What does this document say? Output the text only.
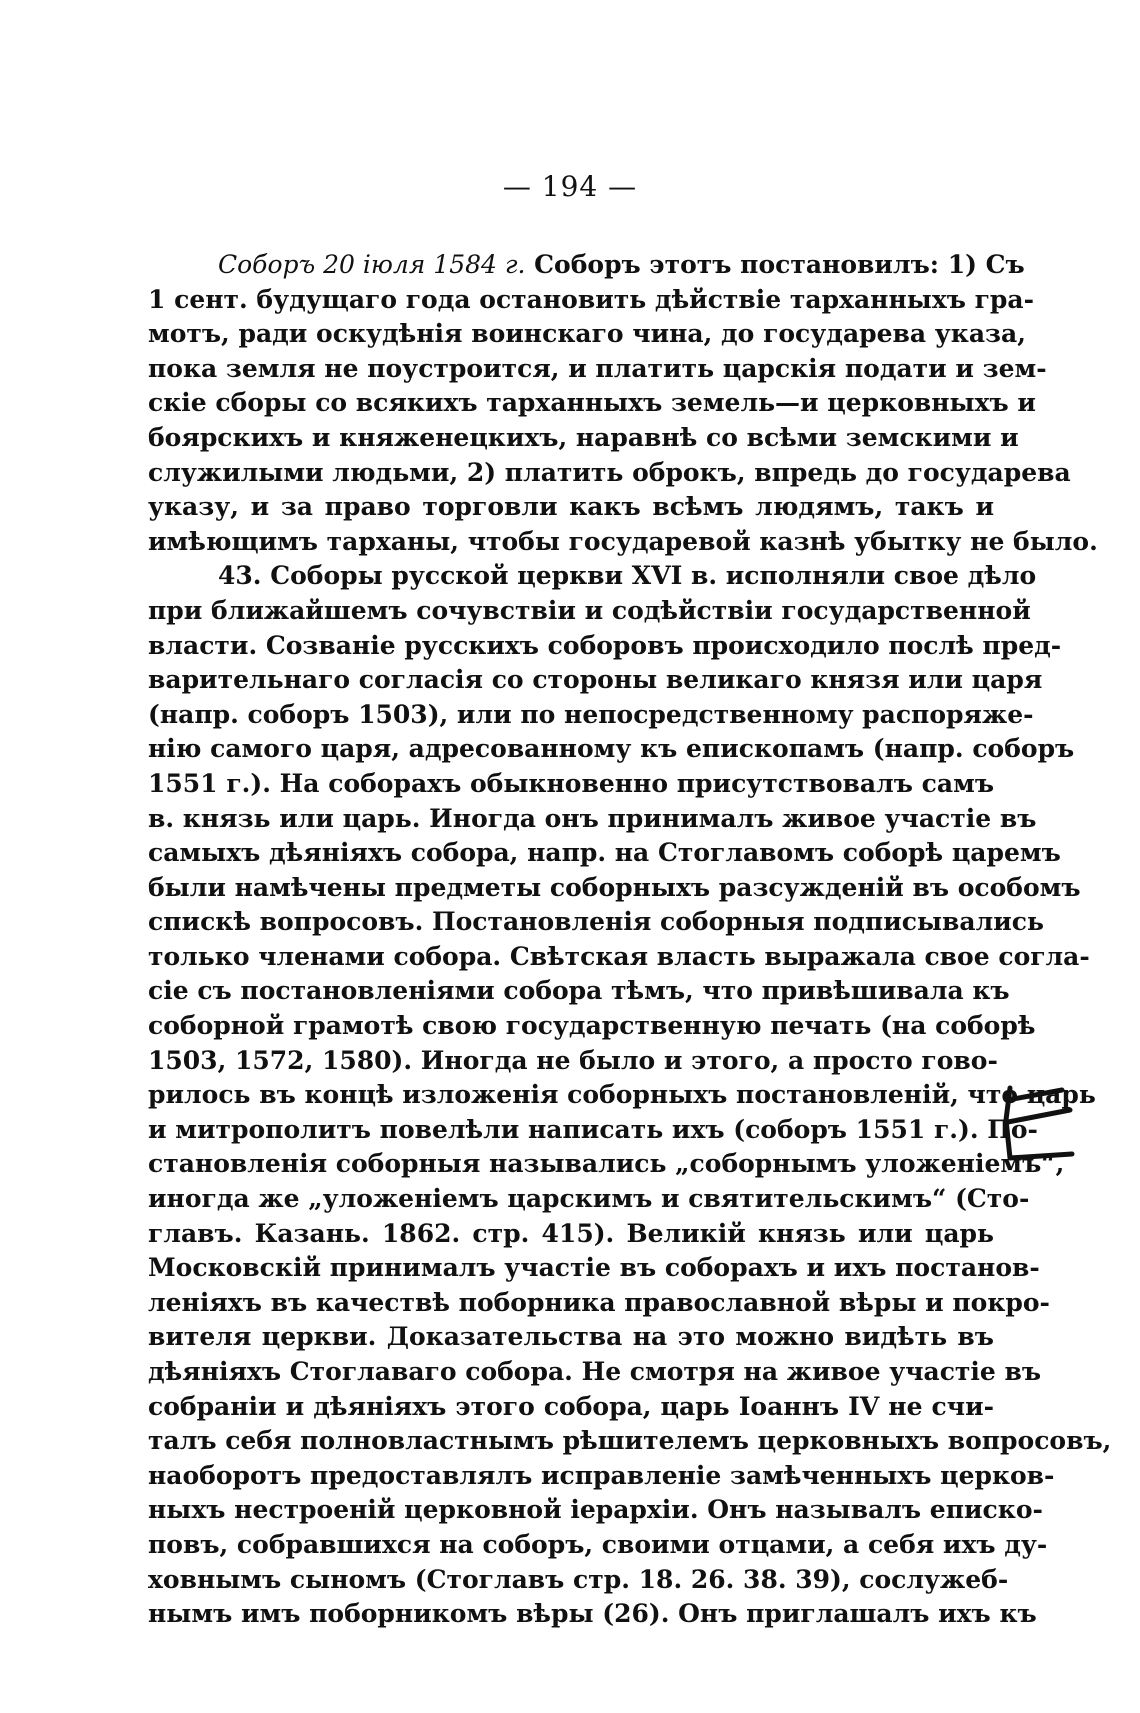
— 194 —
Соборъ 20 іюля 1584 г. Соборъ этотъ постановилъ: 1) Съ
1 сент. будущаго года остановить дѣйствіе тарханныхъ гра-
мотъ, ради оскудѣнія воинскаго чина, до государева указа,
пока земля не поустроится, и платить царскія подати и зем-
скіе сборы со всякихъ тарханныхъ земель—и церковныхъ и
боярскихъ и княженецкихъ, наравнѣ со всѣми земскими и
служилыми людьми, 2) платить оброкъ, впредь до государева
указу, и за право торговли какъ всѣмъ людямъ, такъ и
имѣющимъ тарханы, чтобы государевой казнѣ убытку не было.
43. Соборы русской церкви XVI в. исполняли свое дѣло
при ближайшемъ сочувствіи и содѣйствіи государственной
власти. Созваніе русскихъ соборовъ происходило послѣ пред-
варительнаго согласія со стороны великаго князя или царя
(напр. соборъ 1503), или по непосредственному распоряже-
нію самого царя, адресованному къ епископамъ (напр. соборъ
1551 г.). На соборахъ обыкновенно присутствовалъ самъ
в. князь или царь. Иногда онъ принималъ живое участіе въ
самыхъ дѣяніяхъ собора, напр. на Стоглавомъ соборѣ царемъ
были намѣчены предметы соборныхъ разсужденій въ особомъ
спискѣ вопросовъ. Постановленія соборныя подписывались
только членами собора. Свѣтская власть выражала свое согла-
сіе съ постановленіями собора тѣмъ, что привѣшивала къ
соборной грамотѣ свою государственную печать (на соборѣ
1503, 1572, 1580). Иногда не было и этого, а просто гово-
рилось въ концѣ изложенія соборныхъ постановленій, что царь
и митрополитъ повелѣли написать ихъ (соборъ 1551 г.). По-
становленія соборныя назывались „соборнымъ уложеніемъ“,
иногда же „уложеніемъ царскимъ и святительскимъ“ (Сто-
главъ. Казань. 1862. стр. 415). Великій князь или царь
Московскій принималъ участіе въ соборахъ и ихъ постанов-
леніяхъ въ качествѣ поборника православной вѣры и покро-
вителя церкви. Доказательства на это можно видѣть въ
дѣяніяхъ Стоглаваго собора. Не смотря на живое участіе въ
собраніи и дѣяніяхъ этого собора, царь Іоаннъ IV не счи-
талъ себя полновластнымъ рѣшителемъ церковныхъ вопросовъ,
наоборотъ предоставлялъ исправленіе замѣченныхъ церков-
ныхъ нестроеній церковной іерархіи. Онъ называлъ еписко-
повъ, собравшихся на соборъ, своими отцами, а себя ихъ ду-
ховнымъ сыномъ (Стоглавъ стр. 18. 26. 38. 39), сослужеб-
нымъ имъ поборникомъ вѣры (26). Онъ приглашалъ ихъ къ
